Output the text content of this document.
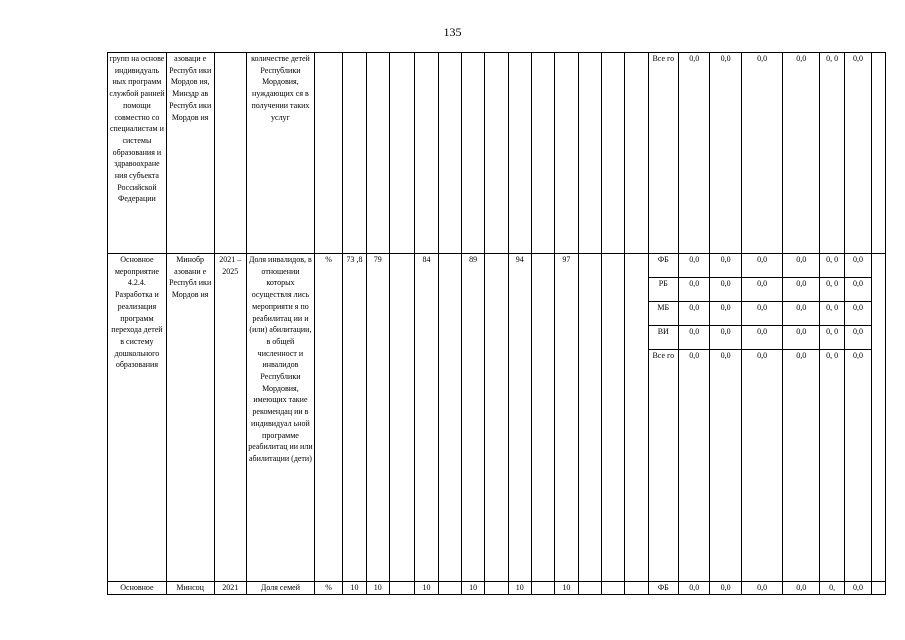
135
групп на основе индивидуаль ных программ службой ранней помощи совместно со специалистам и системы образования и здравоохране ния субъекта Российской Федерации	азоваци е Республ ики Мордов ия, Минздр ав Республ ики Мордов ия		количестве детей Республики Мордовия, нуждающих ся в получении таких услуг															Все го	0,0	0,0	0,0	0,0	0, 0	0,0	
Основное мероприятие 4.2.4. Разработка и реализация программ перехода детей в систему дошкольного образования	Минобр азовани е Республ ики Мордов ия	2021 – 2025	Доля инвалидов, в отношении которых осуществля лись мероприяти я по реабилитац ии и (или) абилитации, в общей численност и инвалидов Республики Мордовия, имеющих такие рекомендац ии в индивидуал ьной программе реабилитац ии или абилитации (дети)	%	73 ,8	79		84		89		94		97				ФБ	0,0	0,0	0,0	0,0	0, 0	0,0	
																		РБ	0,0	0,0	0,0	0,0	0, 0	0,0	
																		МБ	0,0	0,0	0,0	0,0	0, 0	0,0	
																		ВИ	0,0	0,0	0,0	0,0	0, 0	0,0	
																		Все го	0,0	0,0	0,0	0,0	0, 0	0,0	
Основное	Минсоц	2021	Доля семей	%	10	10		10		10		10		10				ФБ	0,0	0,0	0,0	0,0	0,	0,0	
